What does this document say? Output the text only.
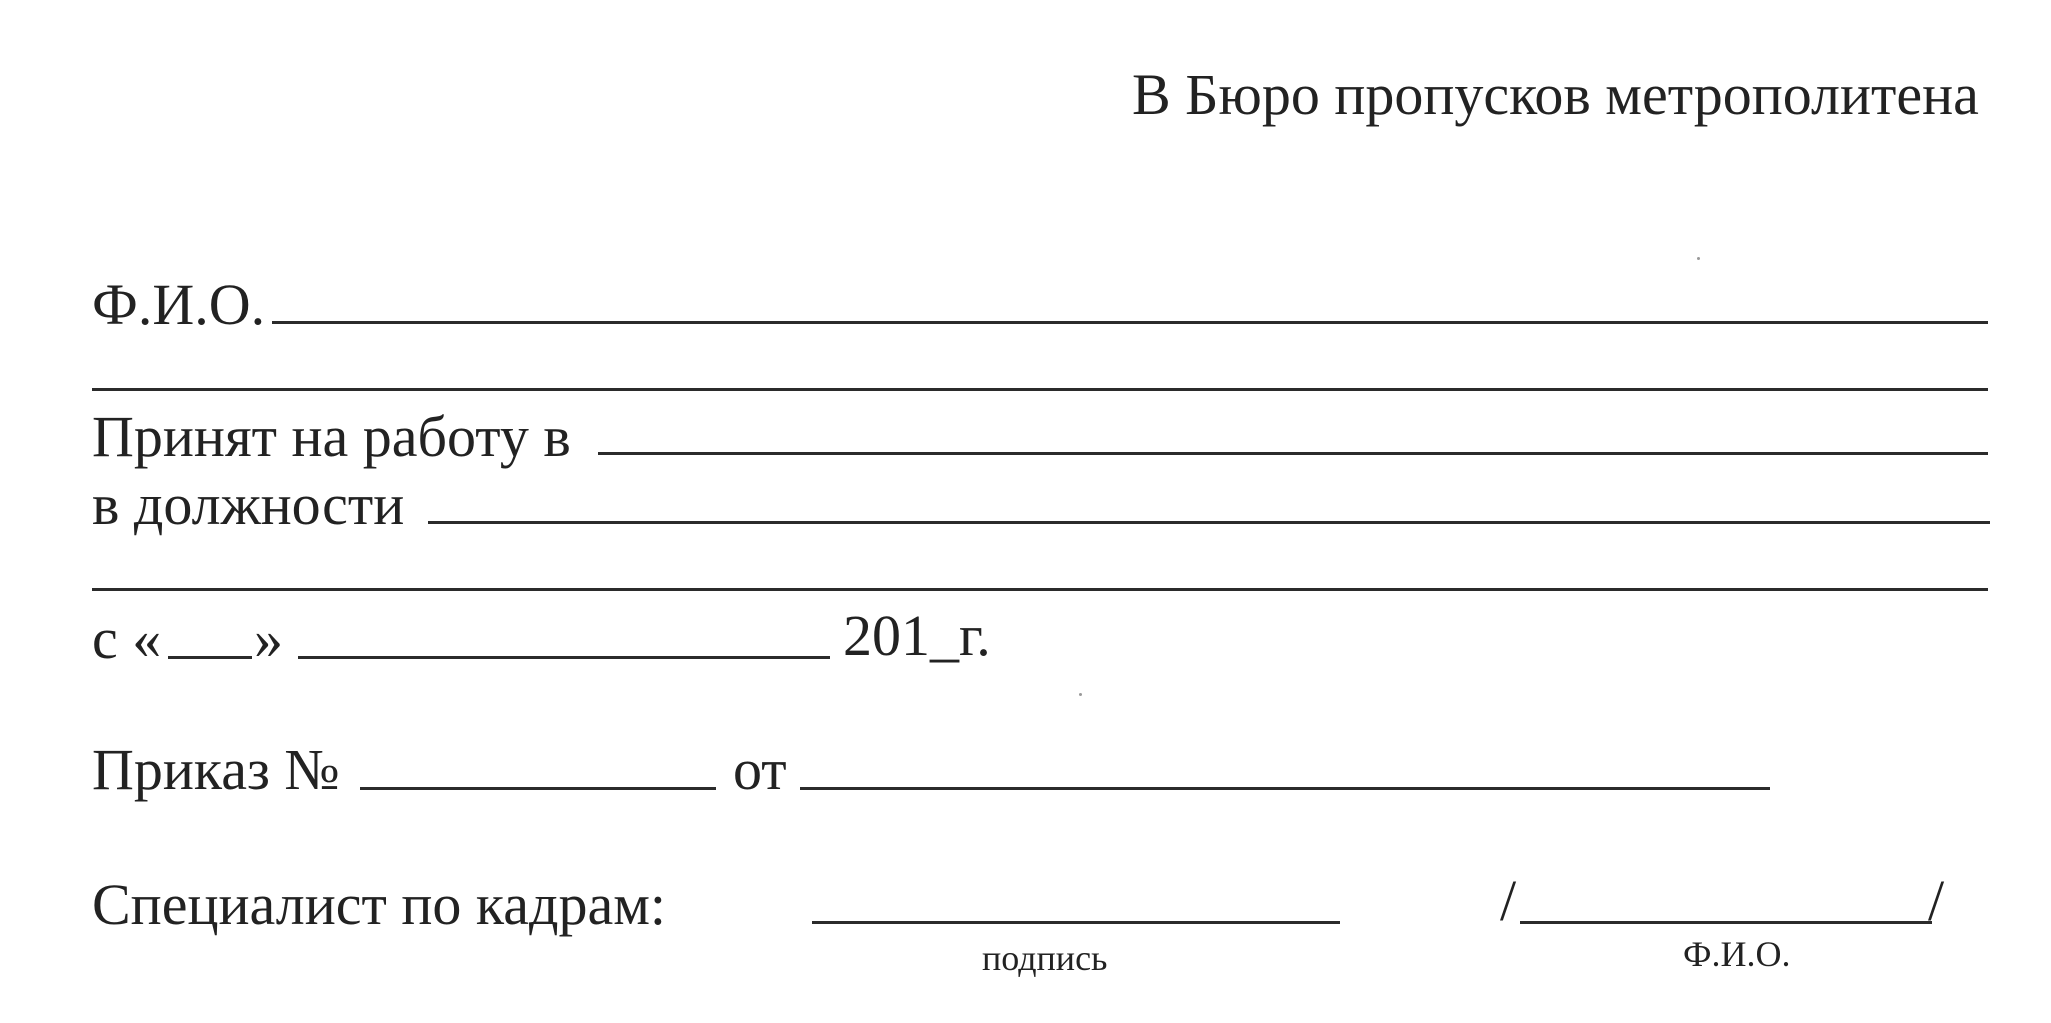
В Бюро пропусков метрополитена
Ф.И.О.
Принят на работу в
в должности
с « »	201_г.
Приказ №	от
Специалист по кадрам:
подпись
/	/
Ф.И.О.
